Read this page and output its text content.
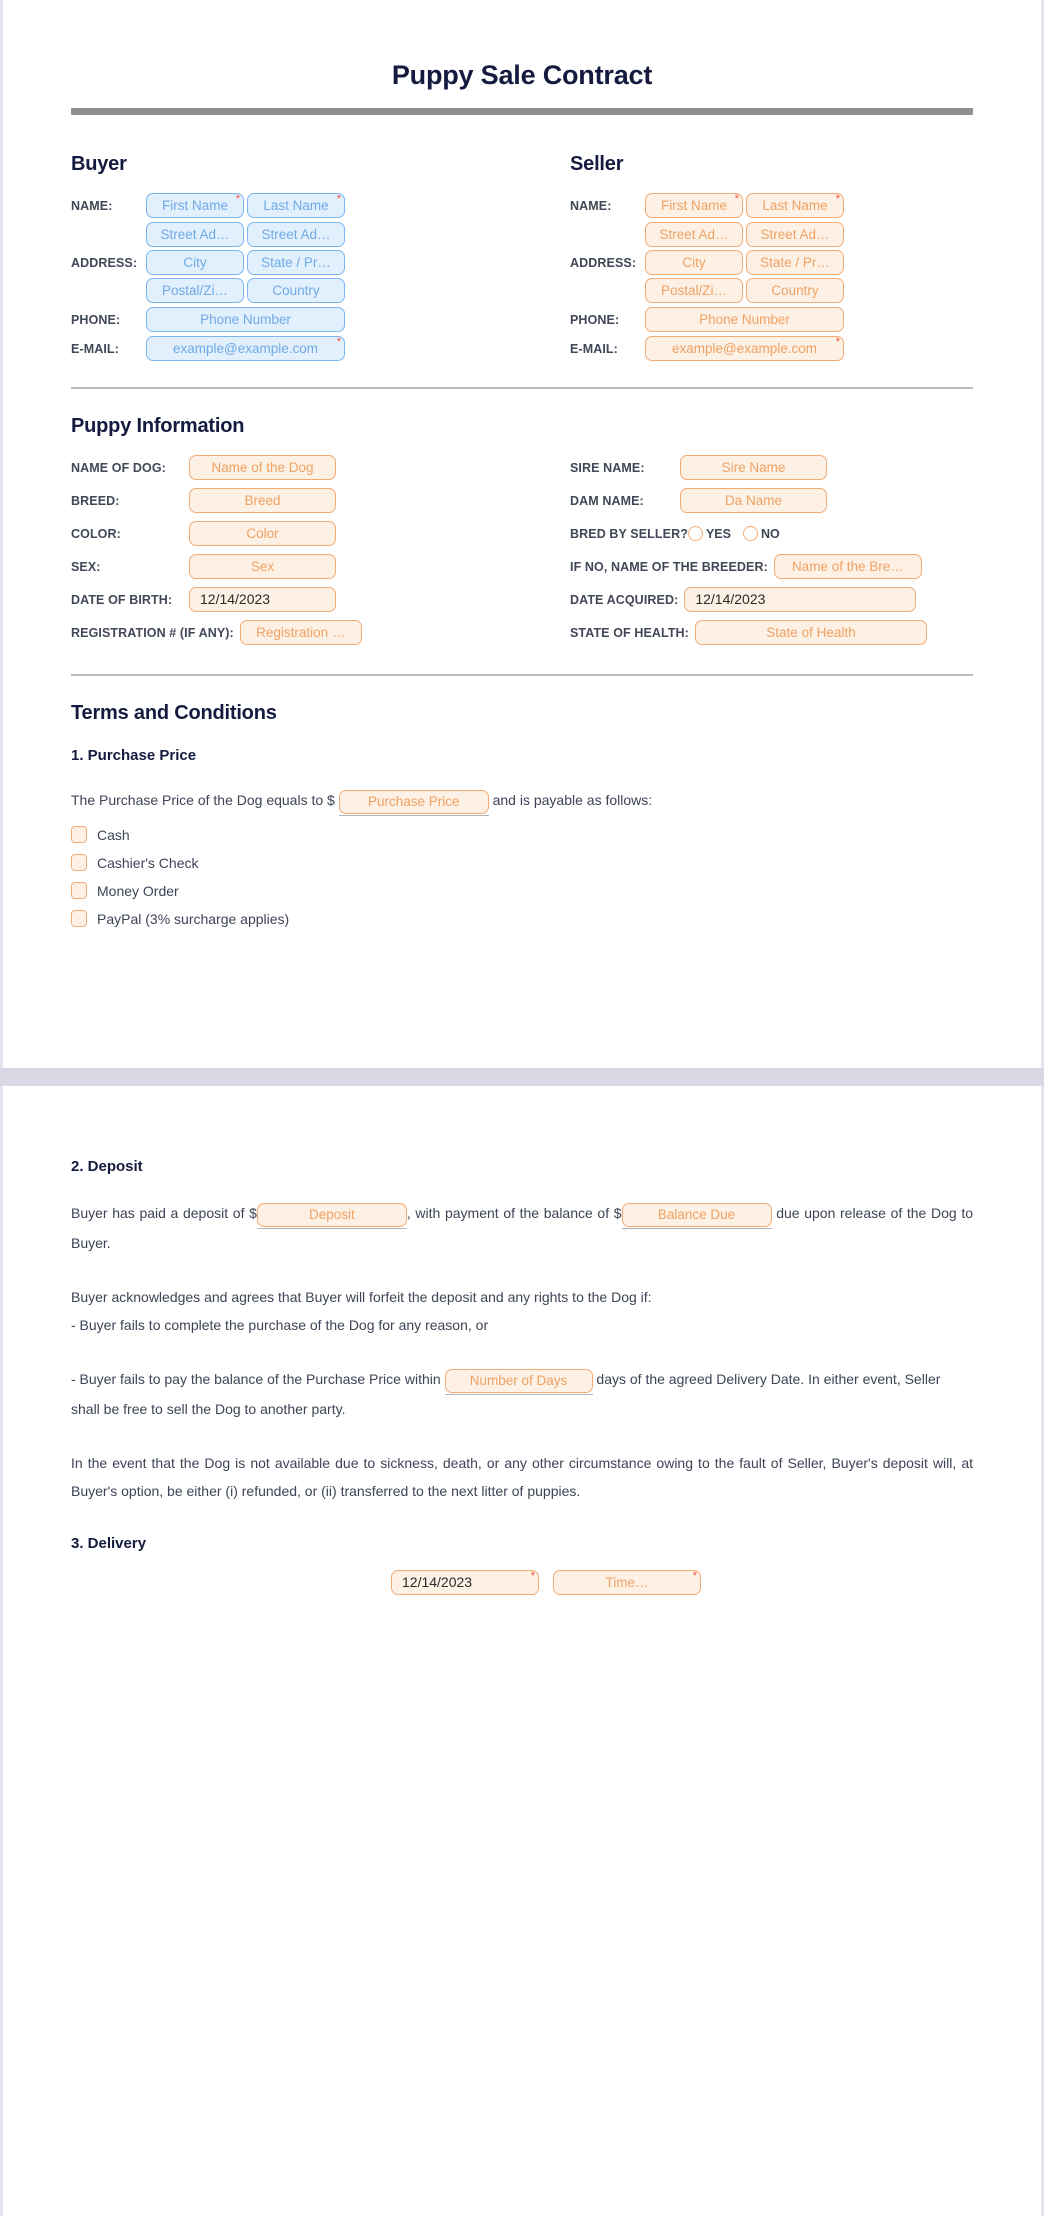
Puppy Sale Contract
Buyer
NAME:	First Name *	Last Name *
ADDRESS:
Street Ad…	Street Ad…
City	State / Pr…
Postal/Zi…	Country
PHONE:	Phone Number
E-MAIL:	example@example.com *
Seller
NAME:	First Name *	Last Name *
ADDRESS:
Street Ad…	Street Ad…
City	State / Pr…
Postal/Zi…	Country
PHONE:	Phone Number
E-MAIL:	example@example.com *
Puppy Information
NAME OF DOG:	Name of the Dog
BREED:	Breed
COLOR:	Color
SEX:	Sex
DATE OF BIRTH:	12/14/2023
REGISTRATION # (IF ANY):	Registration …
SIRE NAME:	Sire Name
DAM NAME:	Da Name
BRED BY SELLER? YES NO
IF NO, NAME OF THE BREEDER:	Name of the Bre…
DATE ACQUIRED:	12/14/2023
STATE OF HEALTH:	State of Health
Terms and Conditions
1. Purchase Price
The Purchase Price of the Dog equals to $ Purchase Price and is payable as follows:
Cash
Cashier's Check
Money Order
PayPal (3% surcharge applies)
2. Deposit
Buyer has paid a deposit of $	Deposit	, with payment of the balance of $	Balance Due	due upon release of the Dog to Buyer.
Buyer acknowledges and agrees that Buyer will forfeit the deposit and any rights to the Dog if:
- Buyer fails to complete the purchase of the Dog for any reason, or
- Buyer fails to pay the balance of the Purchase Price within Number of Days days of the agreed Delivery Date. In either event, Seller shall be free to sell the Dog to another party.
In the event that the Dog is not available due to sickness, death, or any other circumstance owing to the fault of Seller, Buyer's deposit will, at Buyer's option, be either (i) refunded, or (ii) transferred to the next litter of puppies.
3. Delivery
12/14/2023	*	Time…	*
